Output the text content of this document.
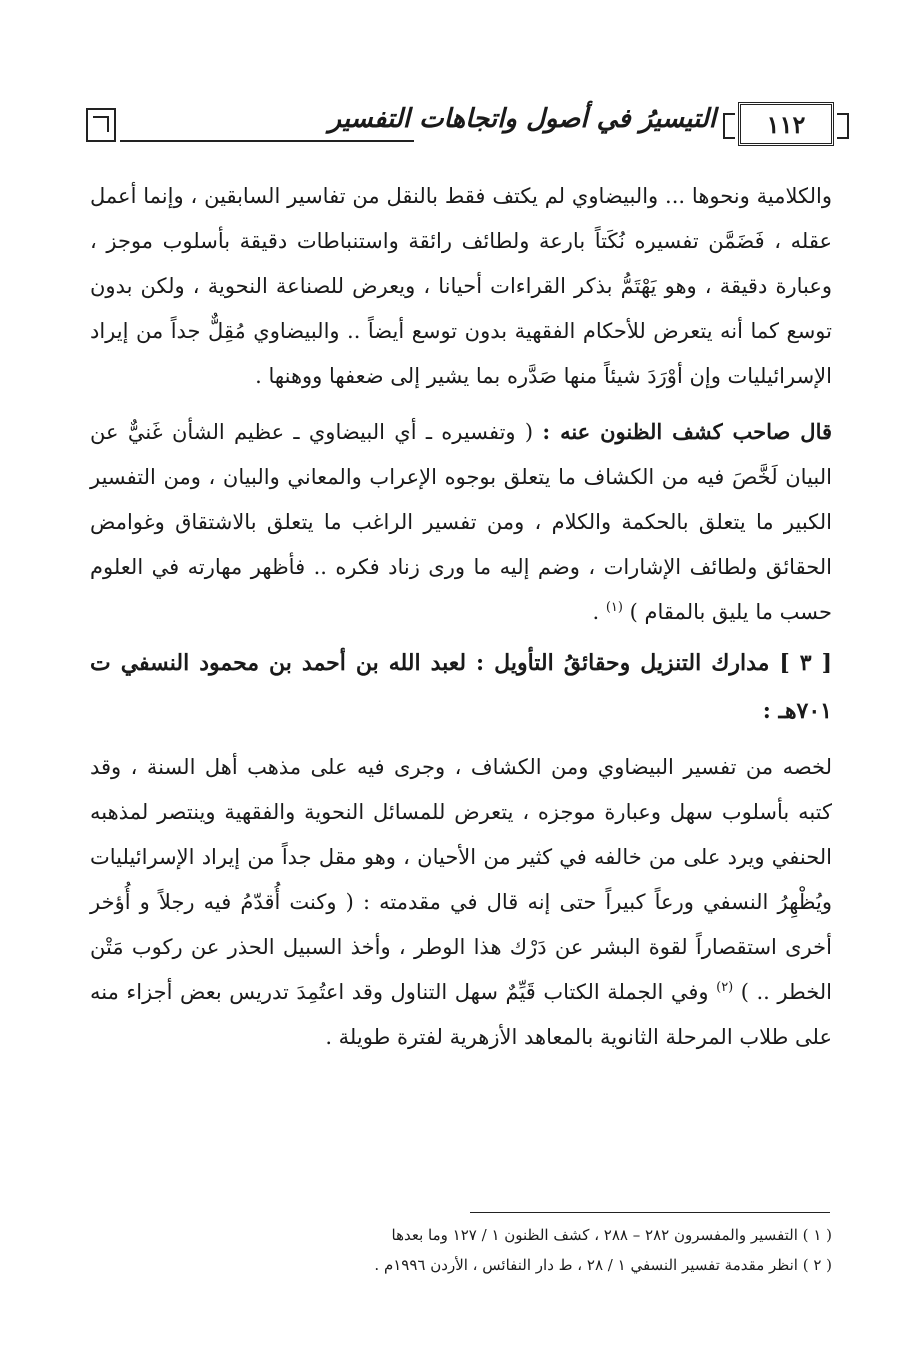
١١٢
التيسيرُ في أصول واتجاهات التفسير

والكلامية ونحوها ... والبيضاوي لم يكتف فقط بالنقل من تفاسير السابقين ، وإنما أعمل عقله ، فَضَمَّن تفسيره نُكَتاً بارعة ولطائف رائقة واستنباطات دقيقة بأسلوب موجز ، وعبارة دقيقة ، وهو يَهْتَمُّ بذكر القراءات أحيانا ، ويعرض للصناعة النحوية ، ولكن بدون توسع كما أنه يتعرض للأحكام الفقهية بدون توسع أيضاً .. والبيضاوي مُقِلٌّ جداً من إيراد الإسرائيليات وإن أوْرَدَ شيئاً منها صَدَّره بما يشير إلى ضعفها ووهنها .

قال صاحب كشف الظنون عنه : ( وتفسيره ـ أي البيضاوي ـ عظيم الشأن غَنيٌّ عن البيان لَخَّصَ فيه من الكشاف ما يتعلق بوجوه الإعراب والمعاني والبيان ، ومن التفسير الكبير ما يتعلق بالحكمة والكلام ، ومن تفسير الراغب ما يتعلق بالاشتقاق وغوامض الحقائق ولطائف الإشارات ، وضم إليه ما ورى زناد فكره .. فأظهر مهارته في العلوم حسب ما يليق بالمقام ) $^{(١)}$ .

[ ٣ ] مدارك التنزيل وحقائقُ التأويل : لعبد الله بن أحمد بن محمود النسفي ت ٧٠١هـ :

لخصه من تفسير البيضاوي ومن الكشاف ، وجرى فيه على مذهب أهل السنة ، وقد كتبه بأسلوب سهل وعبارة موجزه ، يتعرض للمسائل النحوية والفقهية وينتصر لمذهبه الحنفي ويرد على من خالفه في كثير من الأحيان ، وهو مقل جداً من إيراد الإسرائيليات ويُظْهِرُ النسفي ورعاً كبيراً حتى إنه قال في مقدمته : ( وكنت أُقدّمُ فيه رجلاً و أُؤخر أخرى استقصاراً لقوة البشر عن دَرْك هذا الوطر ، وأخذ السبيل الحذر عن ركوب مَتْن الخطر .. ) $^{(٢)}$ وفي الجملة الكتاب قَيِّمٌ سهل التناول وقد اعتُمِدَ تدريس بعض أجزاء منه على طلاب المرحلة الثانوية بالمعاهد الأزهرية لفترة طويلة .

( ١ ) التفسير والمفسرون ٢٨٢ – ٢٨٨ ، كشف الظنون ١ / ١٢٧ وما بعدها
( ٢ ) انظر مقدمة تفسير النسفي ١ / ٢٨ ، ط دار النفائس ، الأردن ١٩٩٦م .
